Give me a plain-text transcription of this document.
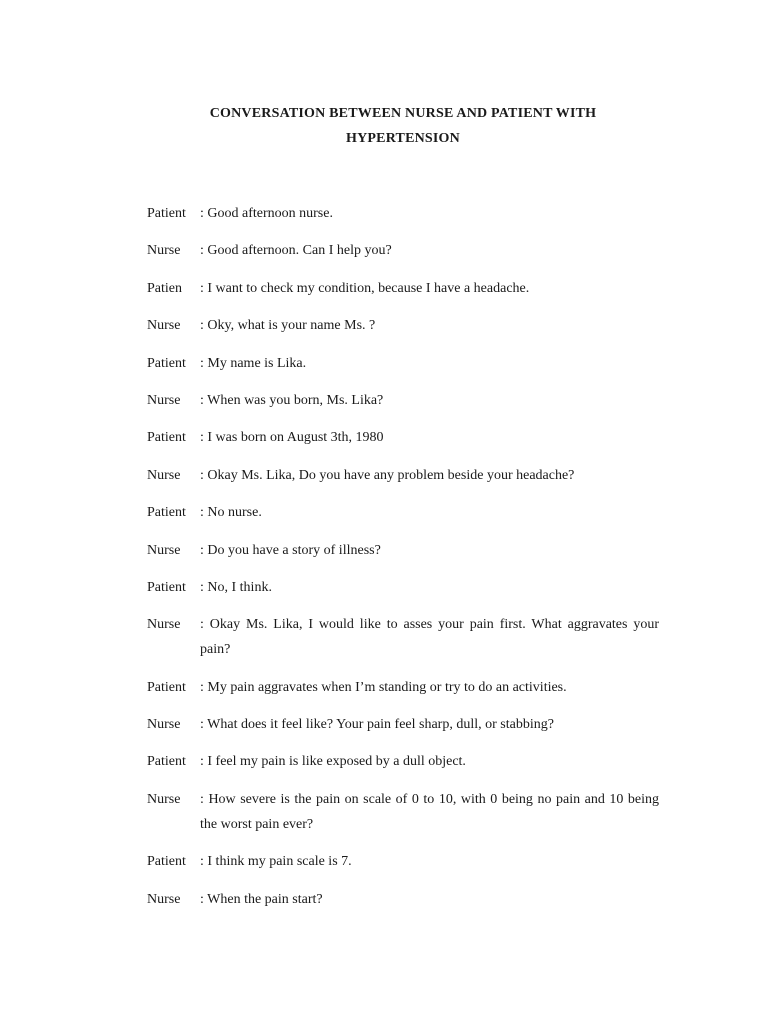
CONVERSATION BETWEEN NURSE AND PATIENT WITH
HYPERTENSION
Patient	: Good afternoon nurse.
Nurse	: Good afternoon. Can I help you?
Patien	: I want to check my condition, because I have a headache.
Nurse	: Oky, what is your name Ms. ?
Patient	: My name is Lika.
Nurse	: When was you born, Ms. Lika?
Patient	: I was born on August 3th, 1980
Nurse	: Okay Ms. Lika, Do you have any problem beside your headache?
Patient	: No nurse.
Nurse	: Do you have a story of illness?
Patient	: No, I think.
Nurse	: Okay Ms. Lika, I would like to asses your pain first. What aggravates your pain?
Patient	: My pain aggravates when I’m standing or try to do an activities.
Nurse	: What does it feel like? Your pain feel sharp, dull, or stabbing?
Patient	: I feel my pain is like exposed by a dull object.
Nurse	: How severe is the pain on scale of 0 to 10, with 0 being no pain and 10 being the worst pain ever?
Patient	: I think my pain scale is 7.
Nurse	: When the pain start?
